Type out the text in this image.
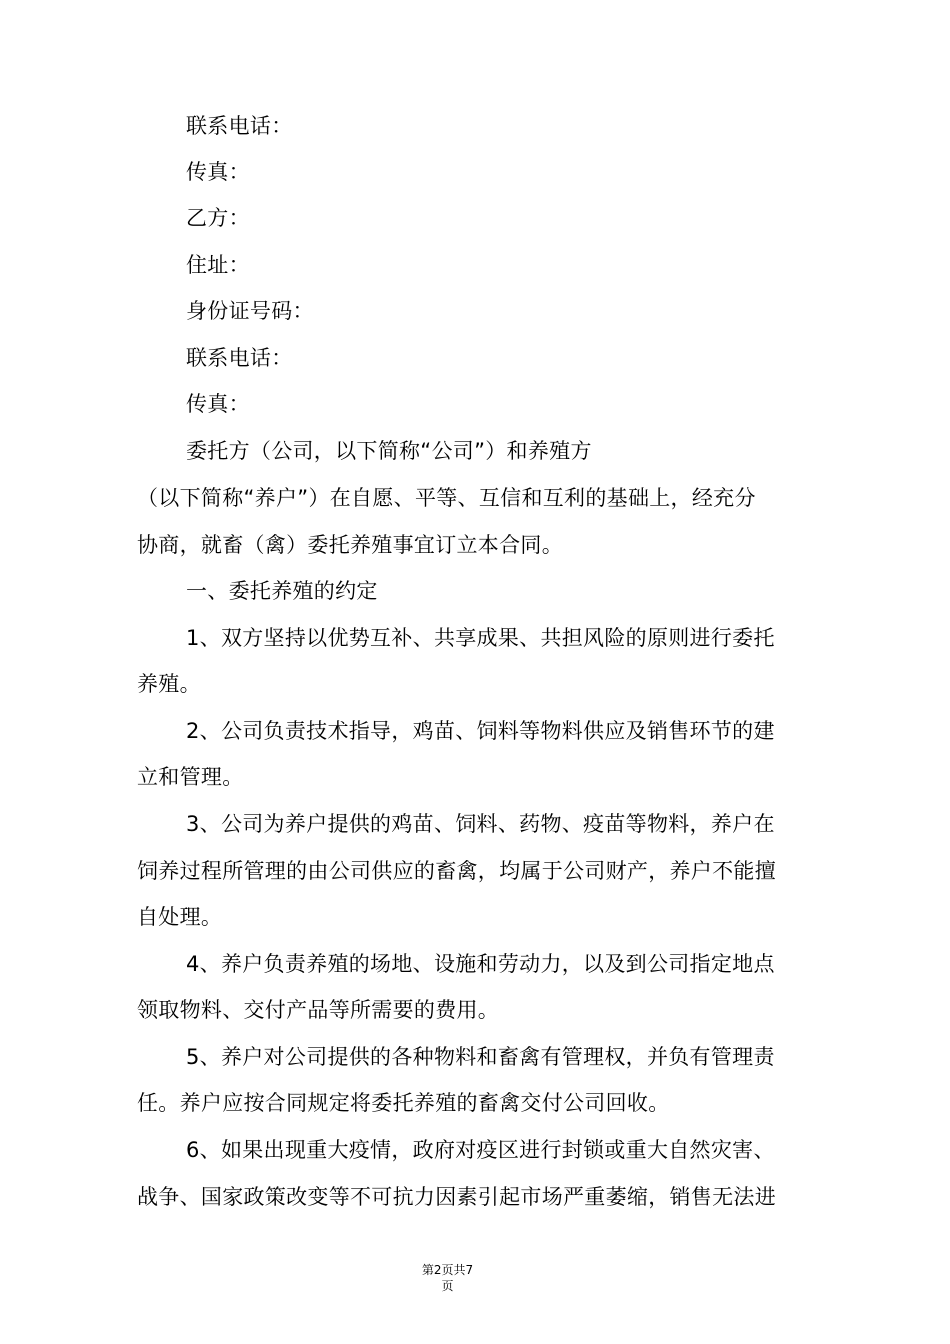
联系电话：
传真：
乙方：
住址：
身份证号码：
联系电话：
传真：
委托方（公司，以下简称“公司”）和养殖方
（以下简称“养户”）在自愿、平等、互信和互利的基础上，经充分
协商，就畜（禽）委托养殖事宜订立本合同。
一、委托养殖的约定
1、双方坚持以优势互补、共享成果、共担风险的原则进行委托
养殖。
2、公司负责技术指导，鸡苗、饲料等物料供应及销售环节的建
立和管理。
3、公司为养户提供的鸡苗、饲料、药物、疫苗等物料，养户在
饲养过程所管理的由公司供应的畜禽，均属于公司财产，养户不能擅
自处理。
4、养户负责养殖的场地、设施和劳动力，以及到公司指定地点
领取物料、交付产品等所需要的费用。
5、养户对公司提供的各种物料和畜禽有管理权，并负有管理责
任。养户应按合同规定将委托养殖的畜禽交付公司回收。
6、如果出现重大疫情，政府对疫区进行封锁或重大自然灾害、
战争、国家政策改变等不可抗力因素引起市场严重萎缩，销售无法进
第2页共7
页
